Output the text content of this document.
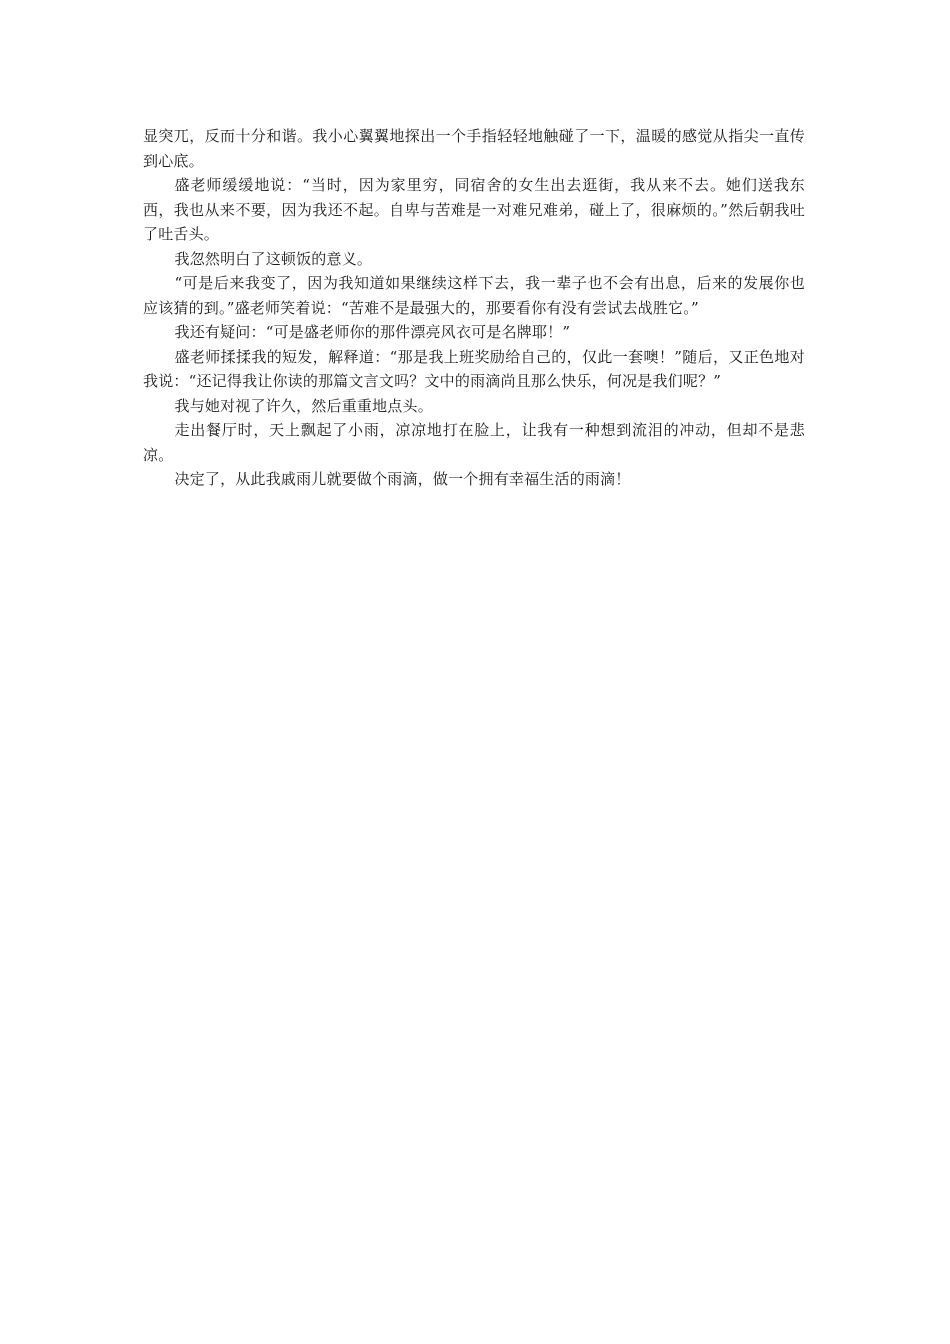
显突兀，反而十分和谐。我小心翼翼地探出一个手指轻轻地触碰了一下，温暖的感觉从指尖一直传到心底。

盛老师缓缓地说：“当时，因为家里穷，同宿舍的女生出去逛街，我从来不去。她们送我东西，我也从来不要，因为我还不起。自卑与苦难是一对难兄难弟，碰上了，很麻烦的。”然后朝我吐了吐舌头。

我忽然明白了这顿饭的意义。

“可是后来我变了，因为我知道如果继续这样下去，我一辈子也不会有出息，后来的发展你也应该猜的到。”盛老师笑着说：“苦难不是最强大的，那要看你有没有尝试去战胜它。”

我还有疑问：“可是盛老师你的那件漂亮风衣可是名牌耶！”

盛老师揉揉我的短发，解释道：“那是我上班奖励给自己的，仅此一套噢！”随后，又正色地对我说：“还记得我让你读的那篇文言文吗？文中的雨滴尚且那么快乐，何况是我们呢？”

我与她对视了许久，然后重重地点头。

走出餐厅时，天上飘起了小雨，凉凉地打在脸上，让我有一种想到流泪的冲动，但却不是悲凉。

决定了，从此我戚雨儿就要做个雨滴，做一个拥有幸福生活的雨滴！
